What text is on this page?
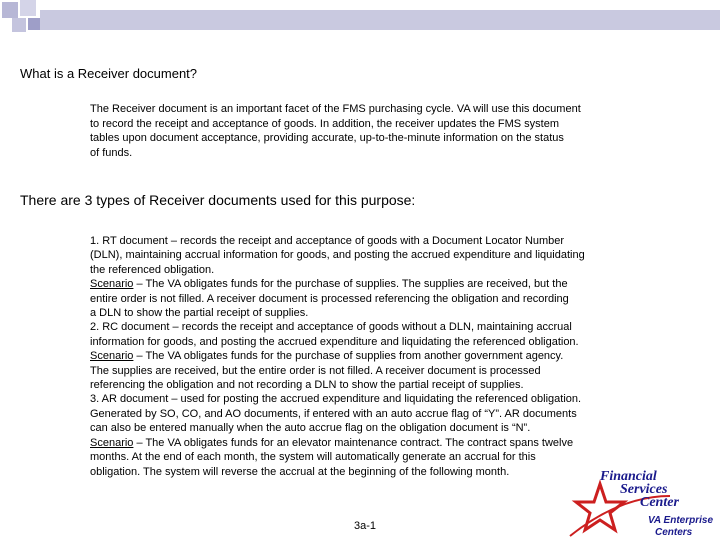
What is a Receiver document?
The Receiver document is an important facet of the FMS purchasing cycle. VA will use this document
to record the receipt and acceptance of goods. In addition, the receiver updates the FMS system
tables upon document acceptance, providing accurate, up-to-the-minute information on the status
of funds.
There are 3 types of Receiver documents used for this purpose:

1. RT document – records the receipt and acceptance of goods with a Document Locator Number
(DLN), maintaining accrual information for goods, and posting the accrued expenditure and liquidating
the referenced obligation.
Scenario – The VA obligates funds for the purchase of supplies. The supplies are received, but the
entire order is not filled. A receiver document is processed referencing the obligation and recording
a DLN to show the partial receipt of supplies.

2. RC document – records the receipt and acceptance of goods without a DLN, maintaining accrual
information for goods, and posting the accrued expenditure and liquidating the referenced obligation.
Scenario – The VA obligates funds for the purchase of supplies from another government agency.
The supplies are received, but the entire order is not filled. A receiver document is processed
referencing the obligation and not recording a DLN to show the partial receipt of supplies.

3. AR document – used for posting the accrued expenditure and liquidating the referenced obligation.
Generated by SO, CO, and AO documents, if entered with an auto accrue flag of “Y”. AR documents
can also be entered manually when the auto accrue flag on the obligation document is “N”.
Scenario – The VA obligates funds for an elevator maintenance contract. The contract spans twelve
months. At the end of each month, the system will automatically generate an accrual for this
obligation. The system will reverse the accrual at the beginning of the following month.

3a-1
Financial
Services
Center
VA Enterprise
Centers
